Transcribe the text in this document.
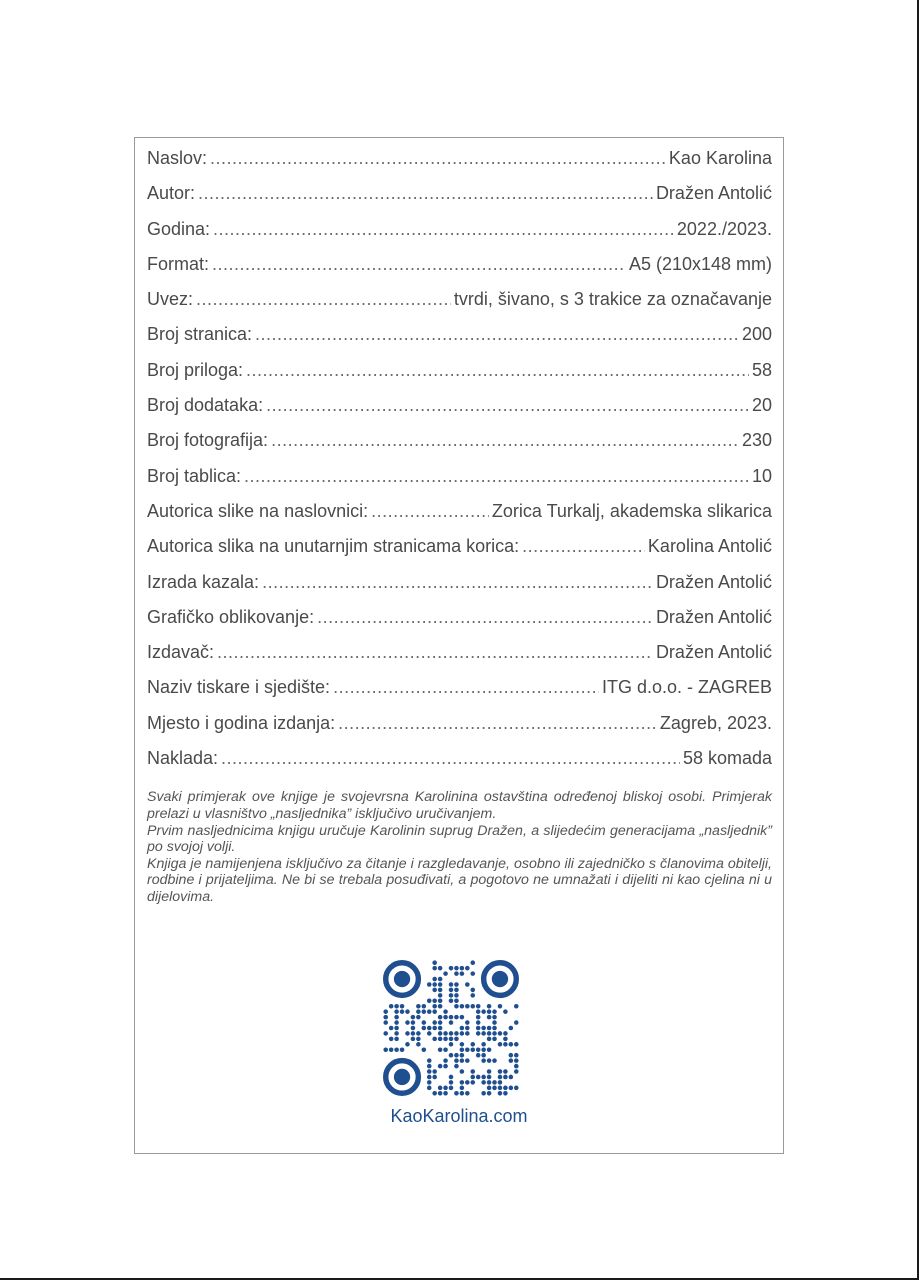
Naslov: .....	Kao Karolina
Autor: .....	Dražen Antolić
Godina: .....	2022./2023.
Format: .....	A5 (210x148 mm)
Uvez: .....	tvrdi, šivano, s 3 trakice za označavanje
Broj stranica: .....	200
Broj priloga: .....	58
Broj dodataka: .....	20
Broj fotografija: .....	230
Broj tablica: .....	10
Autorica slike na naslovnici: .....	Zorica Turkalj, akademska slikarica
Autorica slika na unutarnjim stranicama korica: .....	Karolina Antolić
Izrada kazala: .....	Dražen Antolić
Grafičko oblikovanje: .....	Dražen Antolić
Izdavač: .....	Dražen Antolić
Naziv tiskare i sjedište: .....	ITG d.o.o. - ZAGREB
Mjesto i godina izdanja: .....	Zagreb, 2023.
Naklada: .....	58 komada

Svaki primjerak ove knjige je svojevrsna Karolinina ostavština određenoj bliskoj osobi. Primjerak prelazi u vlasništvo „nasljednika” isključivo uručivanjem.

Prvim nasljednicima knjigu uručuje Karolinin suprug Dražen, a slijedećim generacijama „nasljednik” po svojoj volji.

Knjiga je namijenjena isključivo za čitanje i razgledavanje, osobno ili zajedničko s članovima obitelji, rodbine i prijateljima. Ne bi se trebala posuđivati, a pogotovo ne umnažati i dijeliti ni kao cjelina ni u dijelovima.

KaoKarolina.com
